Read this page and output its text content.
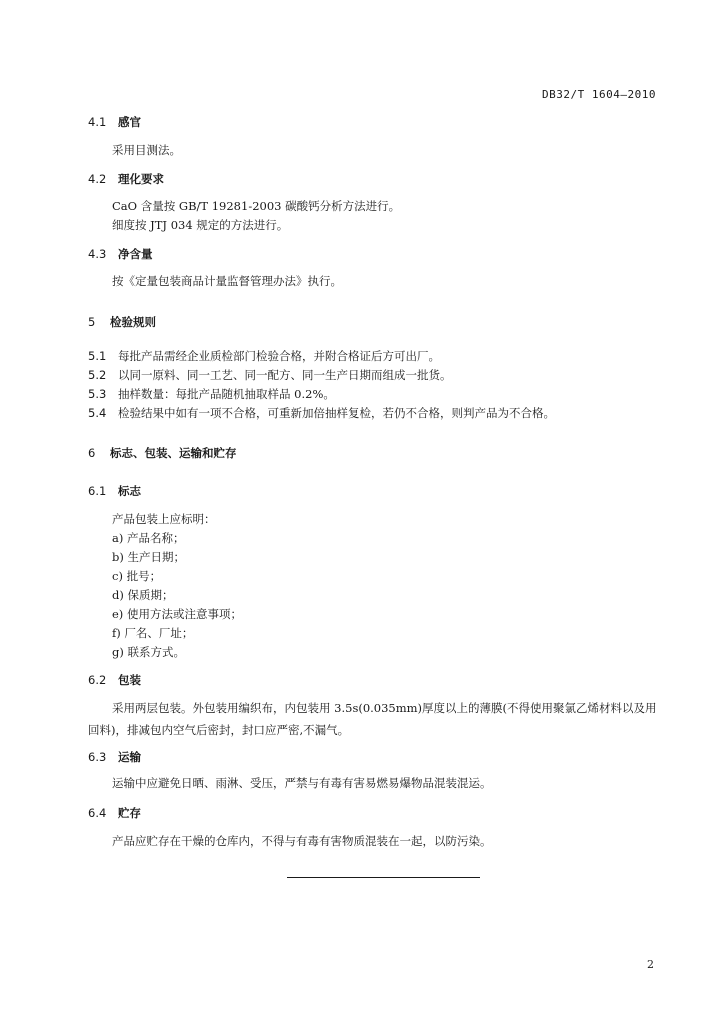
DB32/T 1604—2010
4.1 感官
采用目测法。
4.2 理化要求
CaO 含量按 GB/T 19281-2003 碳酸钙分析方法进行。
细度按 JTJ 034 规定的方法进行。
4.3 净含量
按《定量包装商品计量监督管理办法》执行。
5 检验规则
5.1 每批产品需经企业质检部门检验合格，并附合格证后方可出厂。
5.2 以同一原料、同一工艺、同一配方、同一生产日期而组成一批货。
5.3 抽样数量：每批产品随机抽取样品 0.2%。
5.4 检验结果中如有一项不合格，可重新加倍抽样复检，若仍不合格，则判产品为不合格。
6 标志、包装、运输和贮存
6.1 标志
产品包装上应标明：
a) 产品名称；
b) 生产日期；
c) 批号；
d) 保质期；
e) 使用方法或注意事项；
f) 厂名、厂址；
g) 联系方式。
6.2 包装
采用两层包装。外包装用编织布，内包装用 3.5s(0.035mm)厚度以上的薄膜(不得使用聚氯乙烯材料以及用回料)，排减包内空气后密封，封口应严密,不漏气。
6.3 运输
运输中应避免日晒、雨淋、受压，严禁与有毒有害易燃易爆物品混装混运。
6.4 贮存
产品应贮存在干燥的仓库内，不得与有毒有害物质混装在一起，以防污染。
2
